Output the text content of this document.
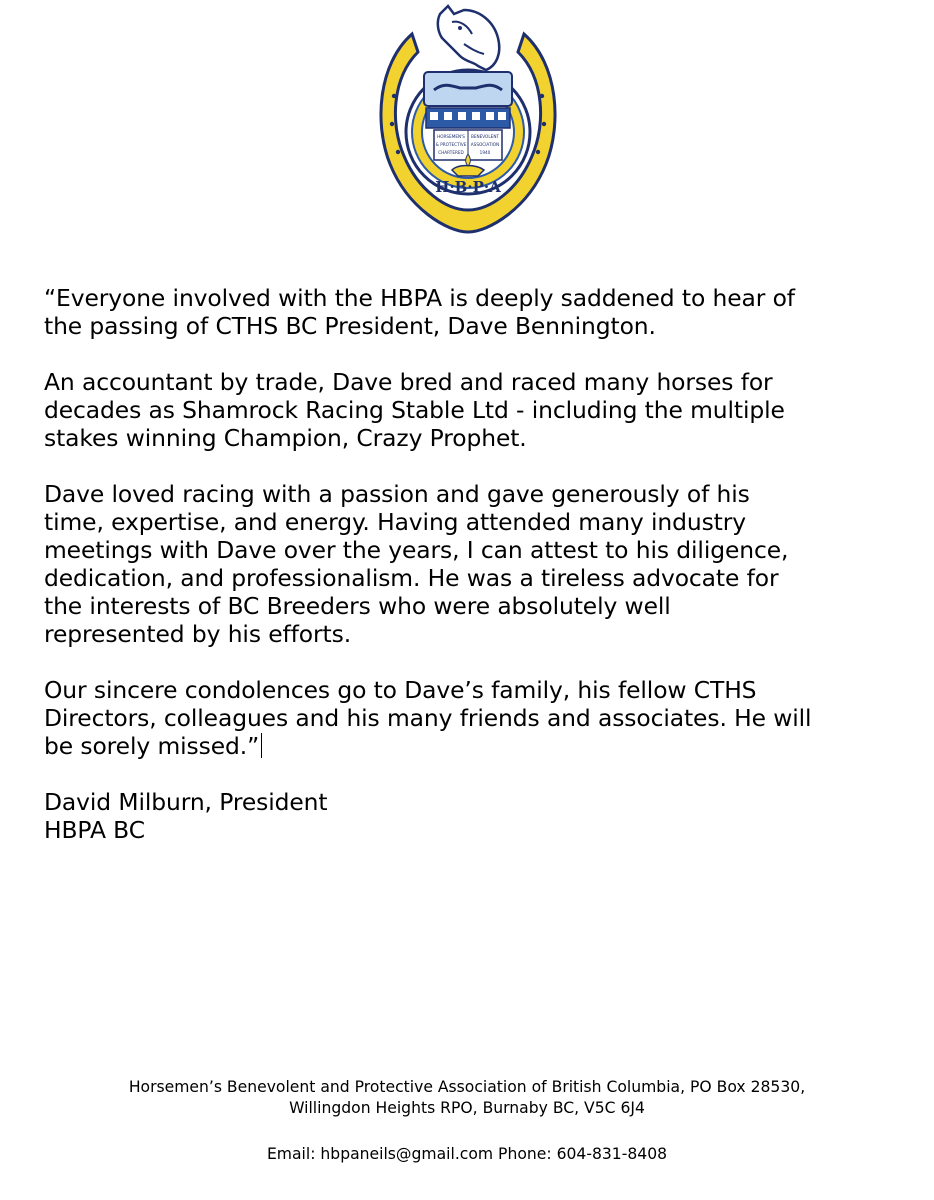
HORSEMEN'S BENEVOLENT
& PROTECTIVE ASSOCIATION
CHARTERED	1940
H·B·P·A

“Everyone involved with the HBPA is deeply saddened to hear of
the passing of CTHS BC President, Dave Bennington.

An accountant by trade, Dave bred and raced many horses for
decades as Shamrock Racing Stable Ltd - including the multiple
stakes winning Champion, Crazy Prophet.

Dave loved racing with a passion and gave generously of his
time, expertise, and energy. Having attended many industry
meetings with Dave over the years, I can attest to his diligence,
dedication, and professionalism. He was a tireless advocate for
the interests of BC Breeders who were absolutely well
represented by his efforts.

Our sincere condolences go to Dave’s family, his fellow CTHS
Directors, colleagues and his many friends and associates. He will
be sorely missed.”

David Milburn, President

HBPA BC

Horsemen’s Benevolent and Protective Association of British Columbia, PO Box 28530,
Willingdon Heights RPO, Burnaby BC, V5C 6J4
Email: hbpaneils@gmail.com Phone: 604-831-8408
